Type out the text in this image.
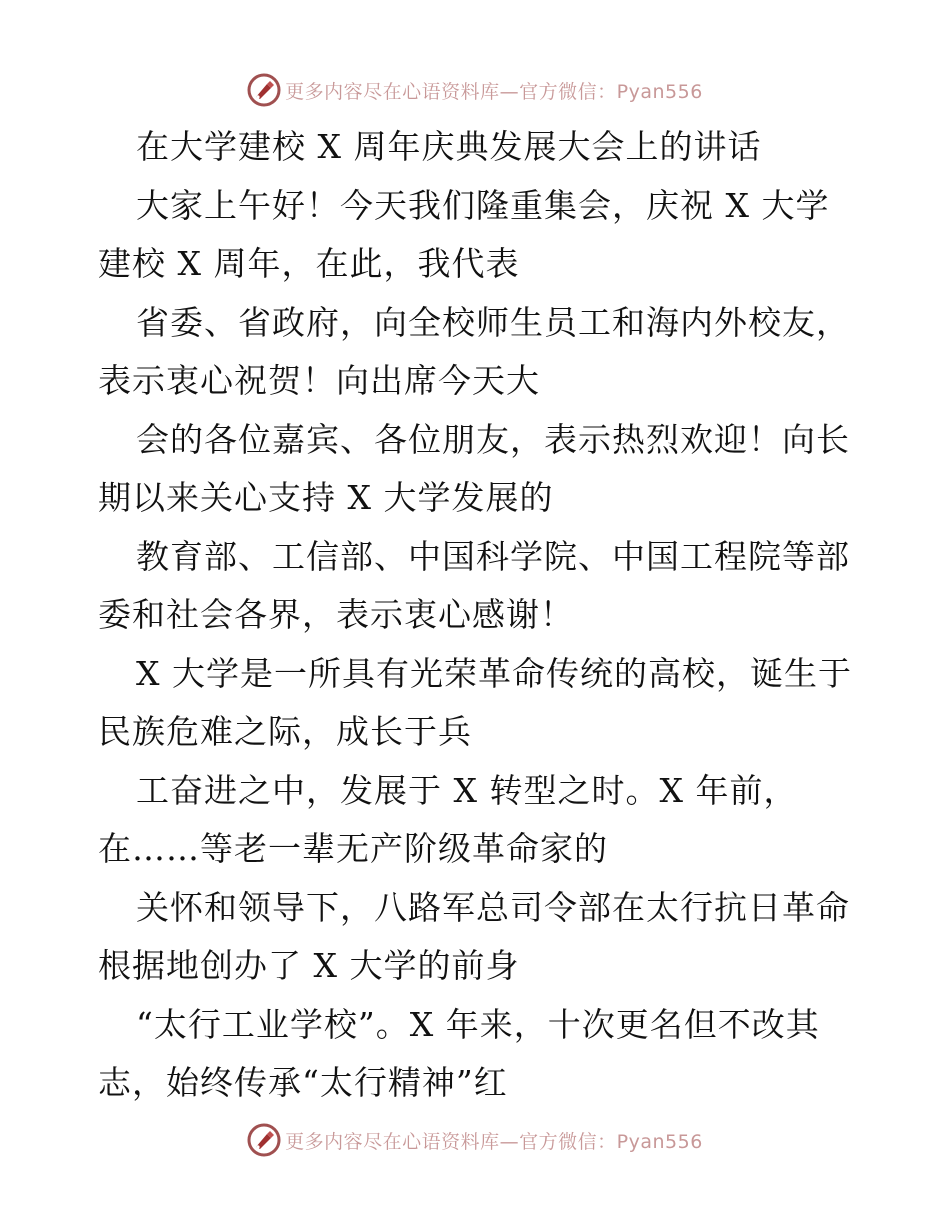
更多内容尽在心语资料库—官方微信：Pyan556
在大学建校 X 周年庆典发展大会上的讲话
大家上午好！今天我们隆重集会，庆祝 X 大学
建校 X 周年，在此，我代表
省委、省政府，向全校师生员工和海内外校友，
表示衷心祝贺！向出席今天大
会的各位嘉宾、各位朋友，表示热烈欢迎！向长
期以来关心支持 X 大学发展的
教育部、工信部、中国科学院、中国工程院等部
委和社会各界，表示衷心感谢！
X 大学是一所具有光荣革命传统的高校，诞生于
民族危难之际，成长于兵
工奋进之中，发展于 X 转型之时。X 年前，
在……等老一辈无产阶级革命家的
关怀和领导下，八路军总司令部在太行抗日革命
根据地创办了 X 大学的前身
“太行工业学校”。X 年来，十次更名但不改其
志，始终传承“太行精神”红
更多内容尽在心语资料库—官方微信：Pyan556
